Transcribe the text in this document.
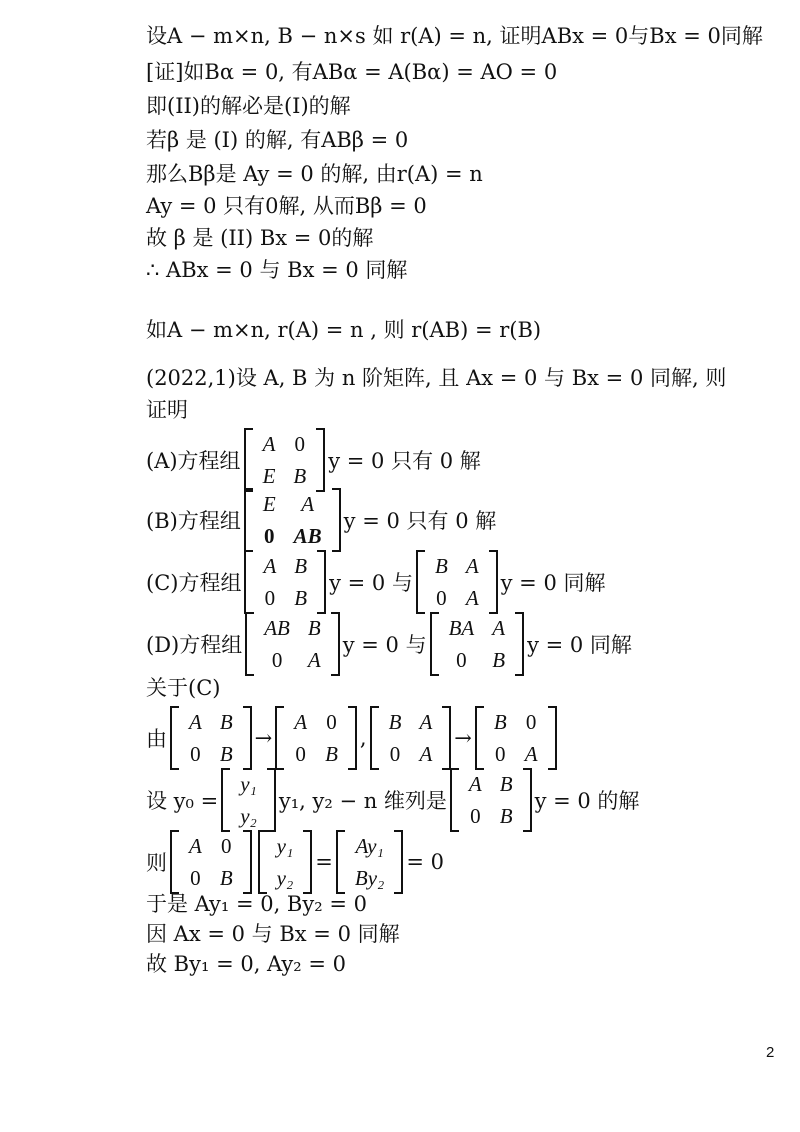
设A − m×n, B − n×s 如 r(A) = n, 证明ABx = 0与Bx = 0同解
[证]如Bα = 0, 有ABα = A(Bα) = AO = 0
即(II)的解必是(I)的解
若β 是 (I) 的解, 有ABβ = 0
那么Bβ是 Ay = 0 的解, 由r(A) = n
Ay = 0 只有0解, 从而Bβ = 0
故 β 是 (II) Bx = 0的解
∴ ABx = 0 与 Bx = 0 同解
如A − m×n, r(A) = n , 则 r(AB) = r(B)
(2022,1)设 A, B 为 n 阶矩阵, 且 Ax = 0 与 Bx = 0 同解, 则
证明
(A)方程组
A	0
E	B
y = 0 只有 0 解
(B)方程组
E	A
0	AB
y = 0 只有 0 解
(C)方程组
A	B
0	B
y = 0 与
B	A
0	A
y = 0 同解
(D)方程组
AB	B
0	A
y = 0 与
BA	A
0	B
y = 0 同解
关于(C)
由
A	B
0	B
→
A	0
0	B
,
B	A
0	A
→
B	0
0	A
设 y₀ =
y₁
y₂
y₁, y₂ − n 维列是
A	B
0	B
y = 0 的解
则
A	0
0	B
y₁
y₂
=
Ay₁
By₂
= 0
于是 Ay₁ = 0, By₂ = 0
因 Ax = 0 与 Bx = 0 同解
故 By₁ = 0, Ay₂ = 0
2
